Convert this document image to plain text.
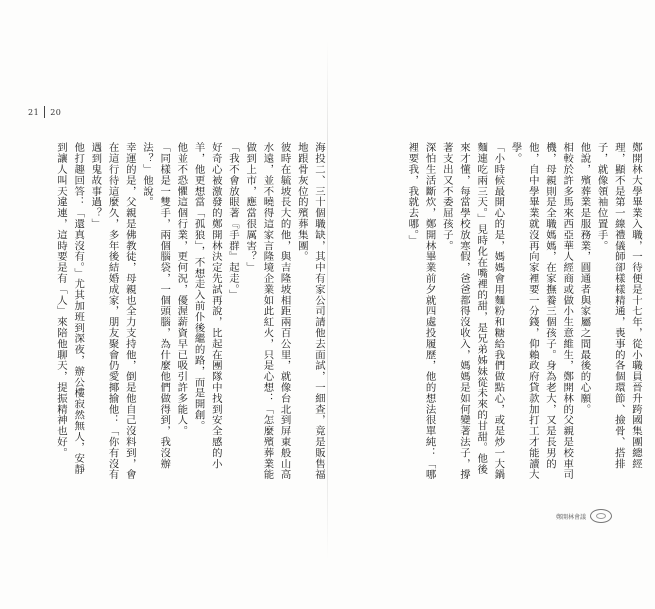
21 20

鄭開林大學畢業入職，一待便是十七年，從小職員晉升跨國集團總經理，顯不是第一線禮儀師卻樣樣精通，喪事的各個環節、撿骨、搭排子，就像領袖位置手。

他說，殯葬業是服務業，圓通者與家屬之間最後的心願。

相較於許多馬來西亞華人經商或做小生意維生，鄭開林的父親是校車司機，母親則是全職媽媽，在家撫養三個孩子。身為老大，又是長男的他，自中學畢業就沒再向家裡要一分錢，仰賴政府貸款加打工才能讀大學。

「小時候最開心的是，媽媽會用麵粉和糖給我們做點心，或是炒一大鍋麵連吃兩三天。」見時化在嘴裡的甜，是兄弟姊妹從未來的甘甜。他後來才懂，每當學校放寒假，爸爸都得沒收入，媽媽是如何變著法子，撐著支出又不委屈孩子。

深怕生活斷炊，鄭開林畢業前夕就四處投履歷，他的想法很單純：「哪裡要我，我就去哪。」

海投二、三十個職缺，其中有家公司請他去面試，一細查，竟是販售福地跟骨灰位的殯葬集團。

彼時在毓坡長大的他，與吉隆坡相距兩百公里，就像台北到屏東般山高水遠，並不曉得這家言隆境企業如此紅火，只是心想：「怎麼殯葬業能做到上市，應當很厲害？」

「我不會放眼著『手群』起走。」

好奇心被激發的鄭開林決定先試再說，比起在團隊中找到安全感的小羊，他更想當「孤狼」，不想走入前仆後繼的路，而是開創。

他並不恐懼這個行業，更何況，優渥薪資早已吸引許多能人。

「同樣是一雙手，兩個腦袋，一個頭腦，為什麼他們做得到，我沒辦法？」他說。

幸運的是，父親是佛教徒，母親也全力支持他，倒是他自己沒料到，會在這行待這麼久，多年後結婚成家，朋友聚會仍愛揶揄他：「你有沒有遇到鬼故事過？」

他打趣回答：「還真沒有。」尤其加班到深夜，辦公樓寂然無人，安靜到讓人叫天違連，這時要是有「人」來陪他聊天，提振精神也好。

鄭開林會議
